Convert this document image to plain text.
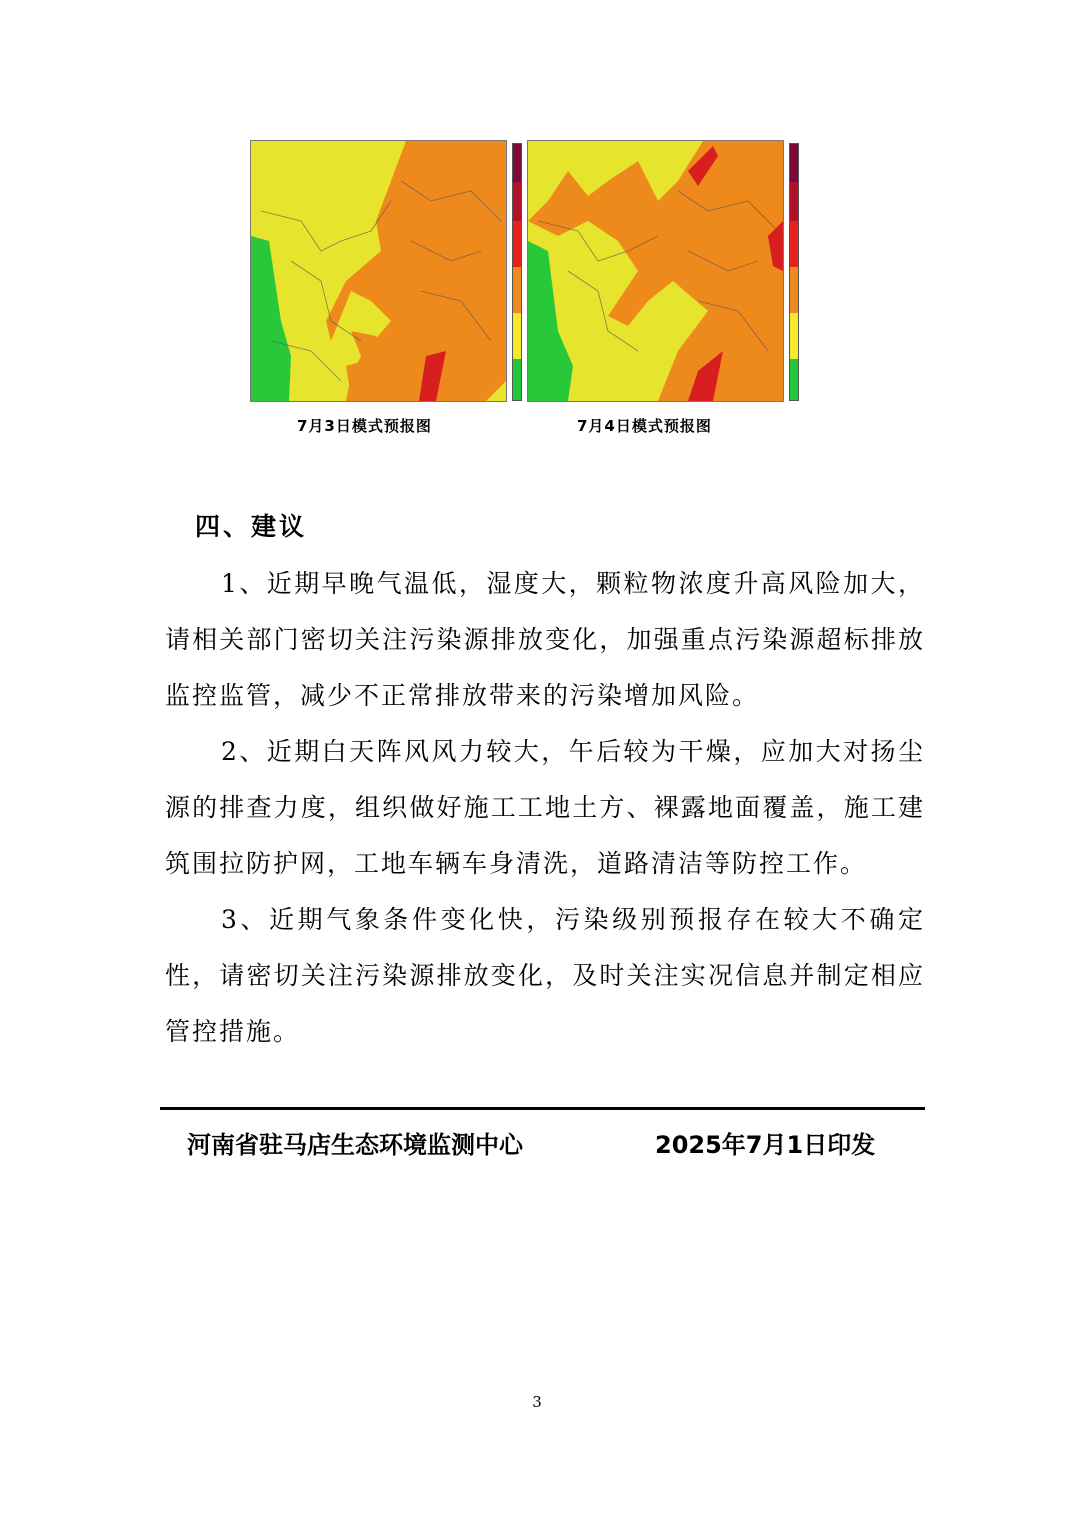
7月3日模式预报图	7月4日模式预报图
四、建议

1、近期早晚气温低，湿度大，颗粒物浓度升高风险加大，请相关部门密切关注污染源排放变化，加强重点污染源超标排放监控监管，减少不正常排放带来的污染增加风险。

2、近期白天阵风风力较大，午后较为干燥，应加大对扬尘源的排查力度，组织做好施工工地土方、裸露地面覆盖，施工建筑围拉防护网，工地车辆车身清洗，道路清洁等防控工作。

3、近期气象条件变化快，污染级别预报存在较大不确定性，请密切关注污染源排放变化，及时关注实况信息并制定相应管控措施。

河南省驻马店生态环境监测中心	2025年7月1日印发
3
